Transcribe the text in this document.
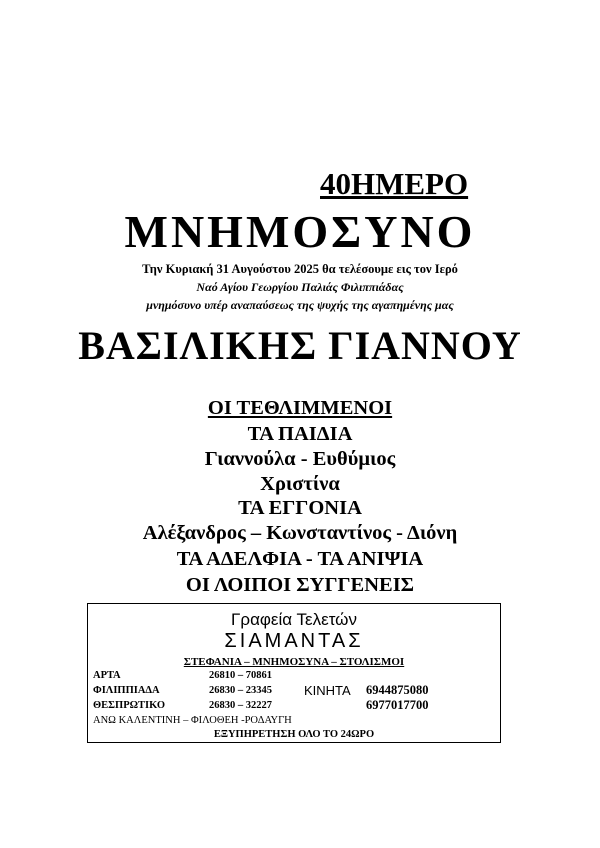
40ΗΜΕΡΟ
ΜΝΗΜΟΣΥΝΟ
Την Κυριακή 31 Αυγούστου 2025 θα τελέσουμε εις τον Ιερό
Ναό Αγίου Γεωργίου Παλιάς Φιλιππιάδας
μνημόσυνο υπέρ αναπαύσεως της ψυχής της αγαπημένης μας
ΒΑΣΙΛΙΚΗΣ ΓΙΑΝΝΟΥ
ΟΙ ΤΕΘΛΙΜΜΕΝΟΙ
ΤΑ ΠΑΙΔΙΑ
Γιαννούλα - Ευθύμιος
Χριστίνα
ΤΑ ΕΓΓΟΝΙΑ
Αλέξανδρος – Κωνσταντίνος - Διόνη
ΤΑ ΑΔΕΛΦΙΑ - ΤΑ ΑΝΙΨΙΑ
ΟΙ ΛΟΙΠΟΙ ΣΥΓΓΕΝΕΙΣ
Γραφεία Τελετών
ΣΙΑΜΑΝΤΑΣ
ΣΤΕΦΑΝΙΑ – ΜΝΗΜΟΣΥΝΑ – ΣΤΟΛΙΣΜΟΙ
ΑΡΤΑ	26810 – 70861
ΦΙΛΙΠΠΙΑΔΑ	26830 – 23345 ΚΙΝΗΤΑ 6944875080
ΘΕΣΠΡΩΤΙΚΟ	26830 – 32227	6977017700
ΑΝΩ ΚΑΛΕΝΤΙΝΗ – ΦΙΛΟΘΕΗ -ΡΟΔΑΥΓΗ
ΕΞΥΠΗΡΕΤΗΣΗ ΟΛΟ ΤΟ 24ΩΡΟ
